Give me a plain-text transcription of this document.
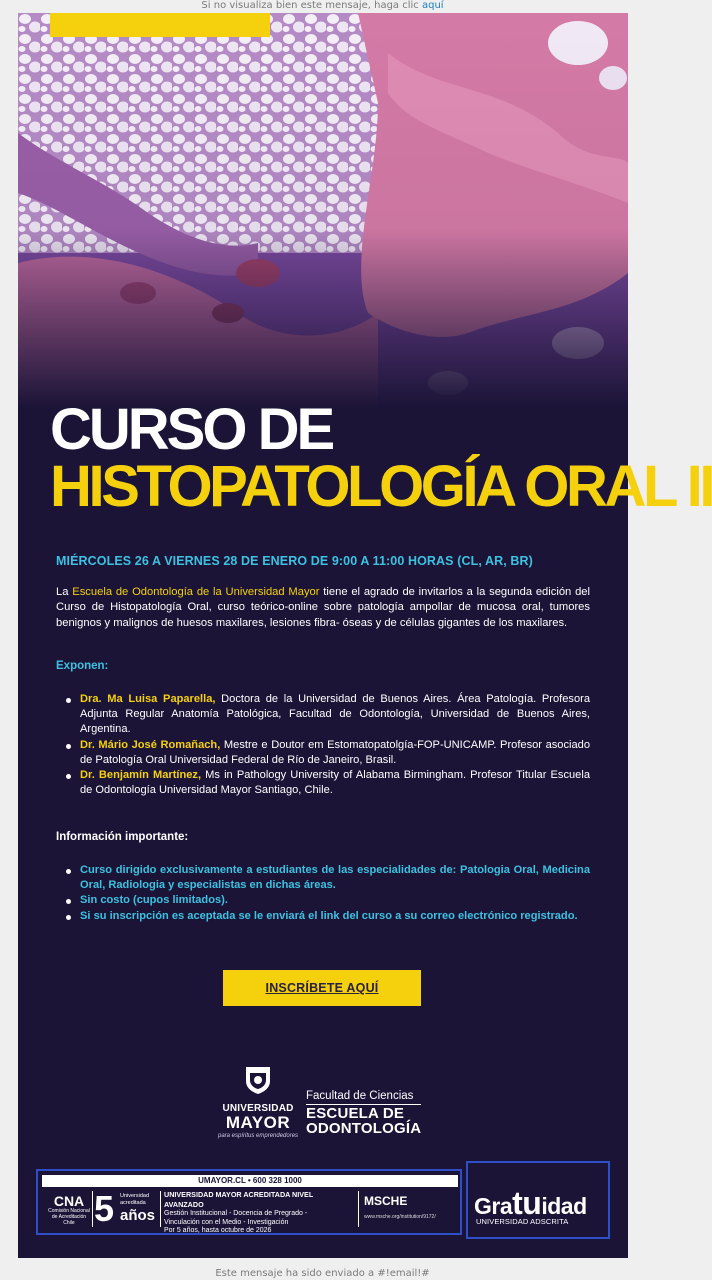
Si no visualiza bien este mensaje, haga clic aquí
CURSO DE
HISTOPATOLOGÍA ORAL II
MIÉRCOLES 26 A VIERNES 28 DE ENERO DE 9:00 A 11:00 HORAS (CL, AR, BR)

La Escuela de Odontología de la Universidad Mayor tiene el agrado de invitarlos a la segunda edición del Curso de Histopatología Oral, curso teórico-online sobre patología ampollar de mucosa oral, tumores benignos y malignos de huesos maxilares, lesiones fibra- óseas y de células gigantes de los maxilares.

Exponen:
Dra. Ma Luisa Paparella, Doctora de la Universidad de Buenos Aires. Área Patología. Profesora Adjunta Regular Anatomía Patológica, Facultad de Odontología, Universidad de Buenos Aires, Argentina.
Dr. Mário José Romañach, Mestre e Doutor em Estomatopatolgía-FOP-UNICAMP. Profesor asociado de Patología Oral Universidad Federal de Río de Janeiro, Brasil.
Dr. Benjamín Martínez, Ms in Pathology University of Alabama Birmingham. Profesor Titular Escuela de Odontología Universidad Mayor Santiago, Chile.
Información importante:
Curso dirigido exclusivamente a estudiantes de las especialidades de: Patologia Oral, Medicina Oral, Radiologia y especialistas en dichas áreas.
Sin costo (cupos limitados).
Si su inscripción es aceptada se le enviará el link del curso a su correo electrónico registrado.
INSCRÍBETE AQUÍ
UNIVERSIDAD
MAYOR
para espíritus emprendedores
Facultad de Ciencias
ESCUELA DE
ODONTOLOGÍA
UMAYOR.CL • 600 328 1000
CNA
Comisión Nacional de Acreditación Chile 5 Universidad acreditada
años
UNIVERSIDAD MAYOR ACREDITADA NIVEL AVANZADO
Gestión Institucional - Docencia de Pregrado -
Vinculación con el Medio - Investigación
Por 5 años, hasta octubre de 2026
MSCHE
www.msche.org/institution/9172/	Gratuidad
UNIVERSIDAD ADSCRITA
Este mensaje ha sido enviado a #!email!#
